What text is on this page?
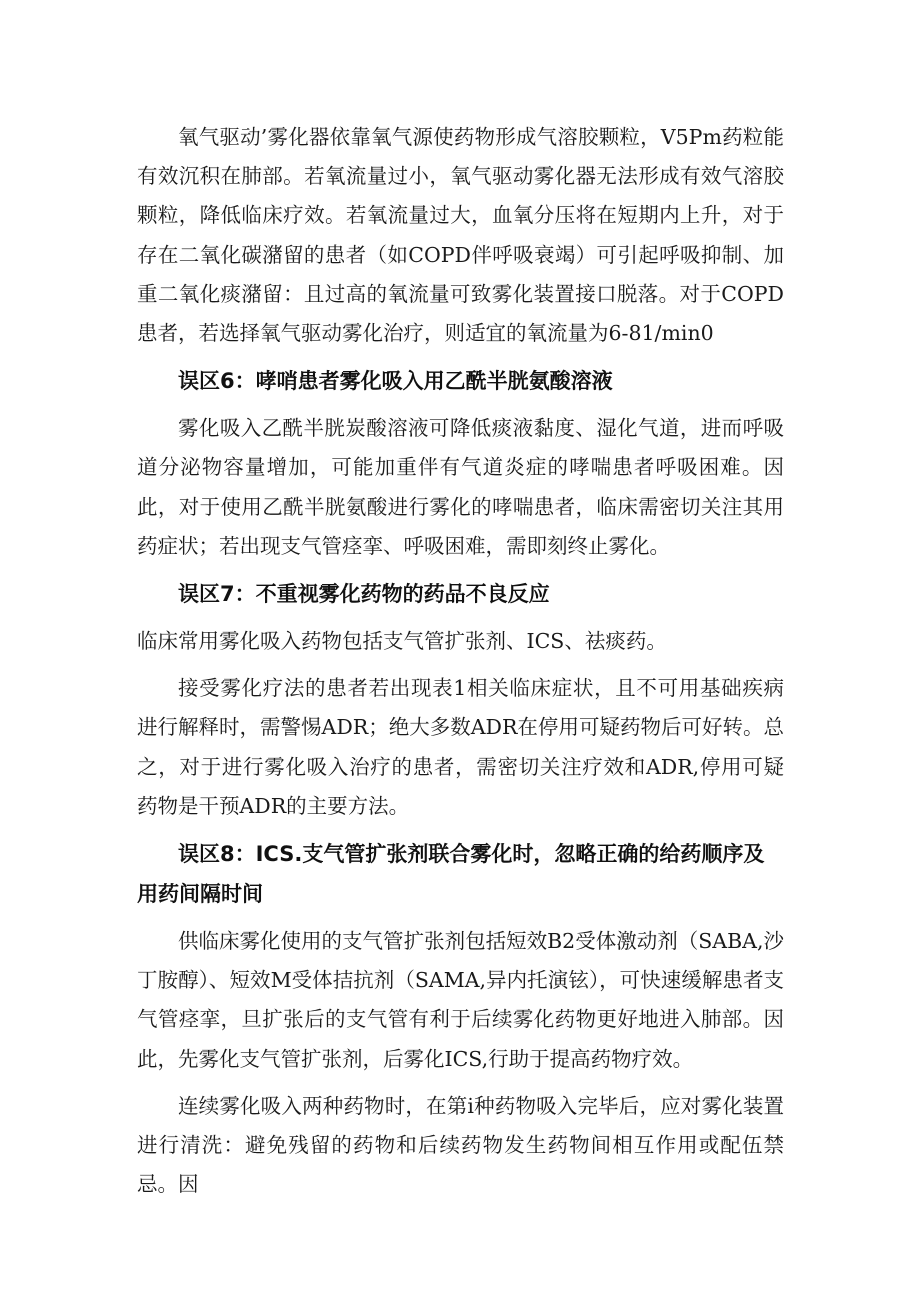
氧气驱动’雾化器依靠氧气源使药物形成气溶胶颗粒，V5Pm药粒能有效沉积在肺部。若氧流量过小，氧气驱动雾化器无法形成有效气溶胶颗粒，降低临床疗效。若氧流量过大，血氧分压将在短期内上升，对于存在二氧化碳潴留的患者（如COPD伴呼吸衰竭）可引起呼吸抑制、加重二氧化痰潴留：且过高的氧流量可致雾化装置接口脱落。对于COPD患者，若选择氧气驱动雾化治疗，则适宜的氧流量为6-81∕min0

误区6：哮哨患者雾化吸入用乙酰半胱氨酸溶液

雾化吸入乙酰半胱炭酸溶液可降低痰液黏度、湿化气道，进而呼吸道分泌物容量增加，可能加重伴有气道炎症的哮喘患者呼吸困难。因此，对于使用乙酰半胱氨酸进行雾化的哮喘患者，临床需密切关注其用药症状；若出现支气管痉挛、呼吸困难，需即刻终止雾化。

误区7：不重视雾化药物的药品不良反应

临床常用雾化吸入药物包括支气管扩张剂、ICS、祛痰药。

接受雾化疗法的患者若出现表1相关临床症状，且不可用基础疾病进行解释时，需警惕ADR；绝大多数ADR在停用可疑药物后可好转。总之，对于进行雾化吸入治疗的患者，需密切关注疗效和ADR,停用可疑药物是干预ADR的主要方法。

误区8：ICS.支气管扩张剂联合雾化时，忽略正确的给药顺序及用药间隔时间

供临床雾化使用的支气管扩张剂包括短效B2受体激动剂（SABA,沙丁胺醇）、短效M受体拮抗剂（SAMA,异内托演铉），可快速缓解患者支气管痉挛，旦扩张后的支气管有利于后续雾化药物更好地进入肺部。因此，先雾化支气管扩张剂，后雾化ICS,行助于提高药物疗效。

连续雾化吸入两种药物时，在第i种药物吸入完毕后，应对雾化装置进行清洗：避免残留的药物和后续药物发生药物间相互作用或配伍禁忌。因
